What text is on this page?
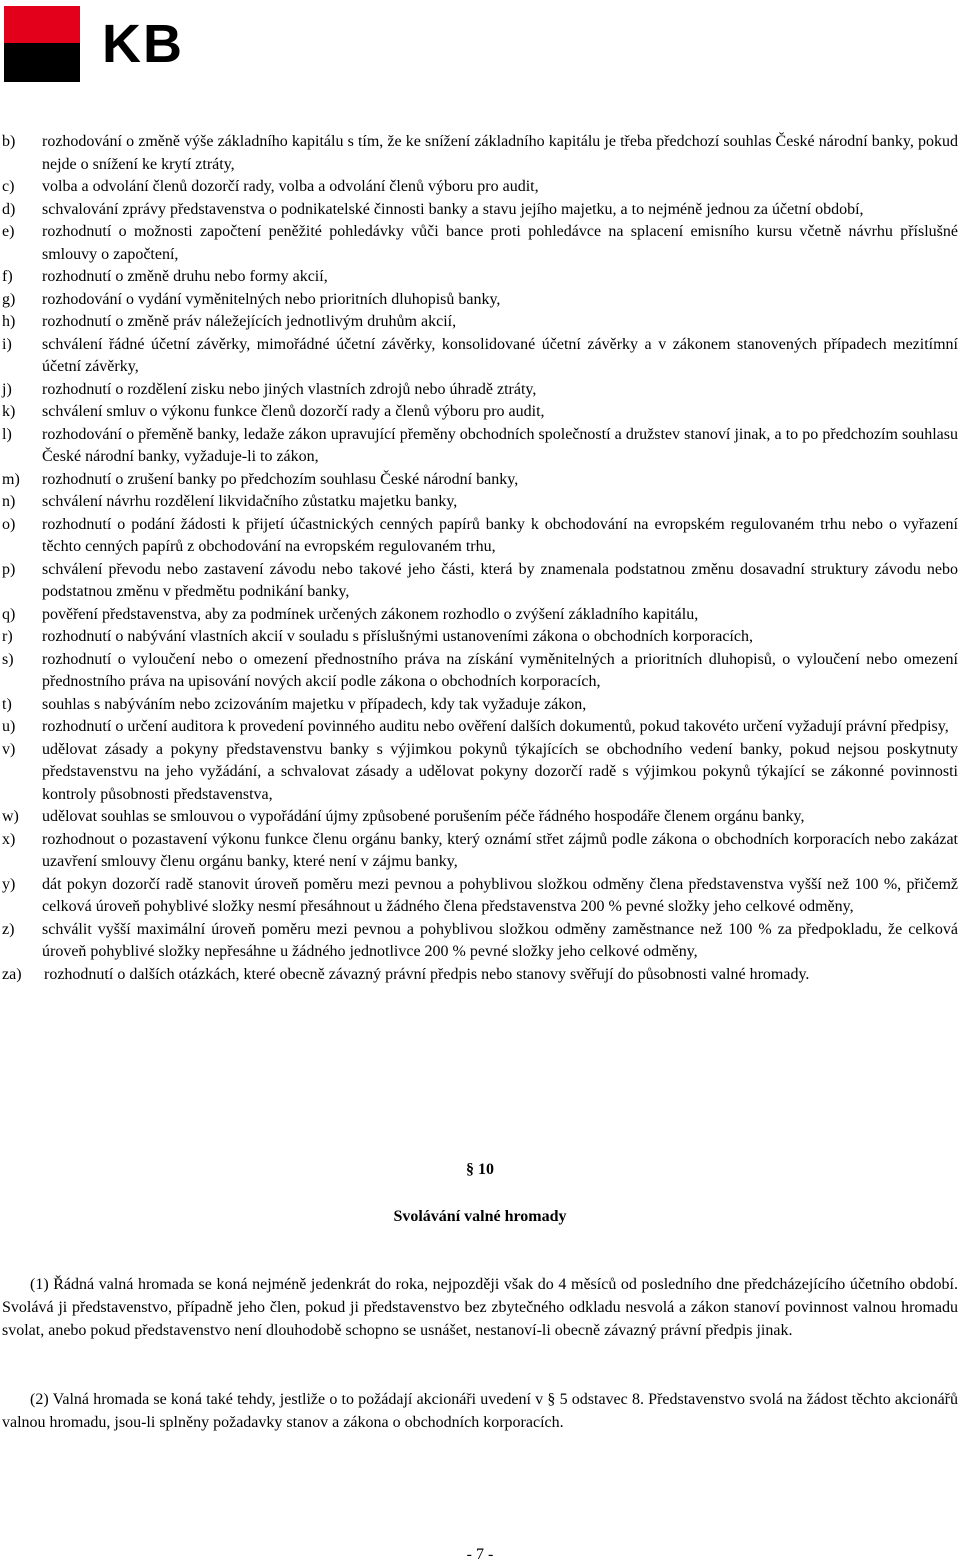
KB
b)	rozhodování o změně výše základního kapitálu s tím, že ke snížení základního kapitálu je třeba předchozí souhlas České národní banky, pokud nejde o snížení ke krytí ztráty,
c)	volba a odvolání členů dozorčí rady, volba a odvolání členů výboru pro audit,
d)	schvalování zprávy představenstva o podnikatelské činnosti banky a stavu jejího majetku, a to nejméně jednou za účetní období,
e)	rozhodnutí o možnosti započtení peněžité pohledávky vůči bance proti pohledávce na splacení emisního kursu včetně návrhu příslušné smlouvy o započtení,
f)	rozhodnutí o změně druhu nebo formy akcií,
g)	rozhodování o vydání vyměnitelných nebo prioritních dluhopisů banky,
h)	rozhodnutí o změně práv náležejících jednotlivým druhům akcií,
i)	schválení řádné účetní závěrky, mimořádné účetní závěrky, konsolidované účetní závěrky a v zákonem stanovených případech mezitímní účetní závěrky,
j)	rozhodnutí o rozdělení zisku nebo jiných vlastních zdrojů nebo úhradě ztráty,
k)	schválení smluv o výkonu funkce členů dozorčí rady a členů výboru pro audit,
l)	rozhodování o přeměně banky, ledaže zákon upravující přeměny obchodních společností a družstev stanoví jinak, a to po předchozím souhlasu České národní banky, vyžaduje-li to zákon,
m)	rozhodnutí o zrušení banky po předchozím souhlasu České národní banky,
n)	schválení návrhu rozdělení likvidačního zůstatku majetku banky,
o)	rozhodnutí o podání žádosti k přijetí účastnických cenných papírů banky k obchodování na evropském regulovaném trhu nebo o vyřazení těchto cenných papírů z obchodování na evropském regulovaném trhu,
p)	schválení převodu nebo zastavení závodu nebo takové jeho části, která by znamenala podstatnou změnu dosavadní struktury závodu nebo podstatnou změnu v předmětu podnikání banky,
q)	pověření představenstva, aby za podmínek určených zákonem rozhodlo o zvýšení základního kapitálu,
r)	rozhodnutí o nabývání vlastních akcií v souladu s příslušnými ustanoveními zákona o obchodních korporacích,
s)	rozhodnutí o vyloučení nebo o omezení přednostního práva na získání vyměnitelných a prioritních dluhopisů, o vyloučení nebo omezení přednostního práva na upisování nových akcií podle zákona o obchodních korporacích,
t)	souhlas s nabýváním nebo zcizováním majetku v případech, kdy tak vyžaduje zákon,
u)	rozhodnutí o určení auditora k provedení povinného auditu nebo ověření dalších dokumentů, pokud takovéto určení vyžadují právní předpisy,
v)	udělovat zásady a pokyny představenstvu banky s výjimkou pokynů týkajících se obchodního vedení banky, pokud nejsou poskytnuty představenstvu na jeho vyžádání, a schvalovat zásady a udělovat pokyny dozorčí radě s výjimkou pokynů týkající se zákonné povinnosti kontroly působnosti představenstva,
w)	udělovat souhlas se smlouvou o vypořádání újmy způsobené porušením péče řádného hospodáře členem orgánu banky,
x)	rozhodnout o pozastavení výkonu funkce členu orgánu banky, který oznámí střet zájmů podle zákona o obchodních korporacích nebo zakázat uzavření smlouvy členu orgánu banky, které není v zájmu banky,
y)	dát pokyn dozorčí radě stanovit úroveň poměru mezi pevnou a pohyblivou složkou odměny člena představenstva vyšší než 100 %, přičemž celková úroveň pohyblivé složky nesmí přesáhnout u žádného člena představenstva 200 % pevné složky jeho celkové odměny,
z)	schválit vyšší maximální úroveň poměru mezi pevnou a pohyblivou složkou odměny zaměstnance než 100 % za předpokladu, že celková úroveň pohyblivé složky nepřesáhne u žádného jednotlivce 200 % pevné složky jeho celkové odměny,
za)	rozhodnutí o dalších otázkách, které obecně závazný právní předpis nebo stanovy svěřují do působnosti valné hromady.
§ 10
Svolávání valné hromady
(1) Řádná valná hromada se koná nejméně jedenkrát do roka, nejpozději však do 4 měsíců od posledního dne předcházejícího účetního období. Svolává ji představenstvo, případně jeho člen, pokud ji představenstvo bez zbytečného odkladu nesvolá a zákon stanoví povinnost valnou hromadu svolat, anebo pokud představenstvo není dlouhodobě schopno se usnášet, nestanoví-li obecně závazný právní předpis jinak.
(2) Valná hromada se koná také tehdy, jestliže o to požádají akcionáři uvedení v § 5 odstavec 8. Představenstvo svolá na žádost těchto akcionářů valnou hromadu, jsou-li splněny požadavky stanov a zákona o obchodních korporacích.
- 7 -
